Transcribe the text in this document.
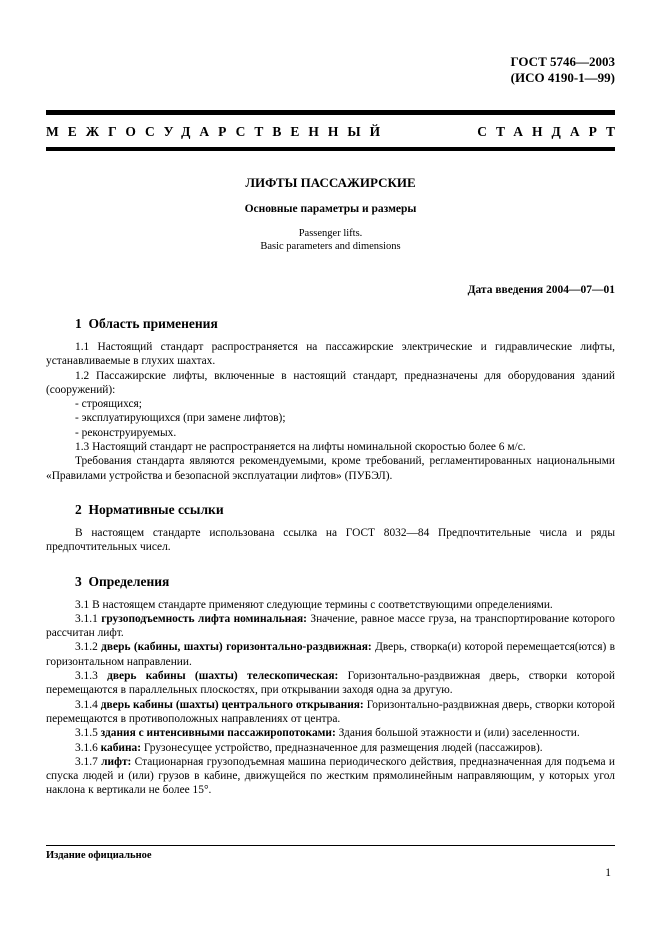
ГОСТ 5746—2003
(ИСО 4190-1—99)
МЕЖГОСУДАРСТВЕННЫЙ	СТАНДАРТ
ЛИФТЫ ПАССАЖИРСКИЕ
Основные параметры и размеры
Passenger lifts.
Basic parameters and dimensions
Дата введения 2004—07—01
1  Область применения

1.1 Настоящий стандарт распространяется на пассажирские электрические и гидравлические лифты, устанавливаемые в глухих шахтах.

1.2 Пассажирские лифты, включенные в настоящий стандарт, предназначены для оборудования зданий (сооружений):

- строящихся;

- эксплуатирующихся (при замене лифтов);

- реконструируемых.

1.3 Настоящий стандарт не распространяется на лифты номинальной скоростью более 6 м/с.

Требования стандарта являются рекомендуемыми, кроме требований, регламентированных национальными «Правилами устройства и безопасной эксплуатации лифтов» (ПУБЭЛ).

2  Нормативные ссылки

В настоящем стандарте использована ссылка на ГОСТ 8032—84 Предпочтительные числа и ряды предпочтительных чисел.

3  Определения

3.1 В настоящем стандарте применяют следующие термины с соответствующими определениями.

3.1.1 грузоподъемность лифта номинальная: Значение, равное массе груза, на транспортирование которого рассчитан лифт.

3.1.2 дверь (кабины, шахты) горизонтально-раздвижная: Дверь, створка(и) которой перемещается(ются) в горизонтальном направлении.

3.1.3 дверь кабины (шахты) телескопическая: Горизонтально-раздвижная дверь, створки которой перемещаются в параллельных плоскостях, при открывании заходя одна за другую.

3.1.4 дверь кабины (шахты) центрального открывания: Горизонтально-раздвижная дверь, створки которой перемещаются в противоположных направлениях от центра.

3.1.5 здания с интенсивными пассажиропотоками: Здания большой этажности и (или) заселенности.

3.1.6 кабина: Грузонесущее устройство, предназначенное для размещения людей (пассажиров).

3.1.7 лифт: Стационарная грузоподъемная машина периодического действия, предназначенная для подъема и спуска людей и (или) грузов в кабине, движущейся по жестким прямолинейным направляющим, у которых угол наклона к вертикали не более 15°.

Издание официальное
1
